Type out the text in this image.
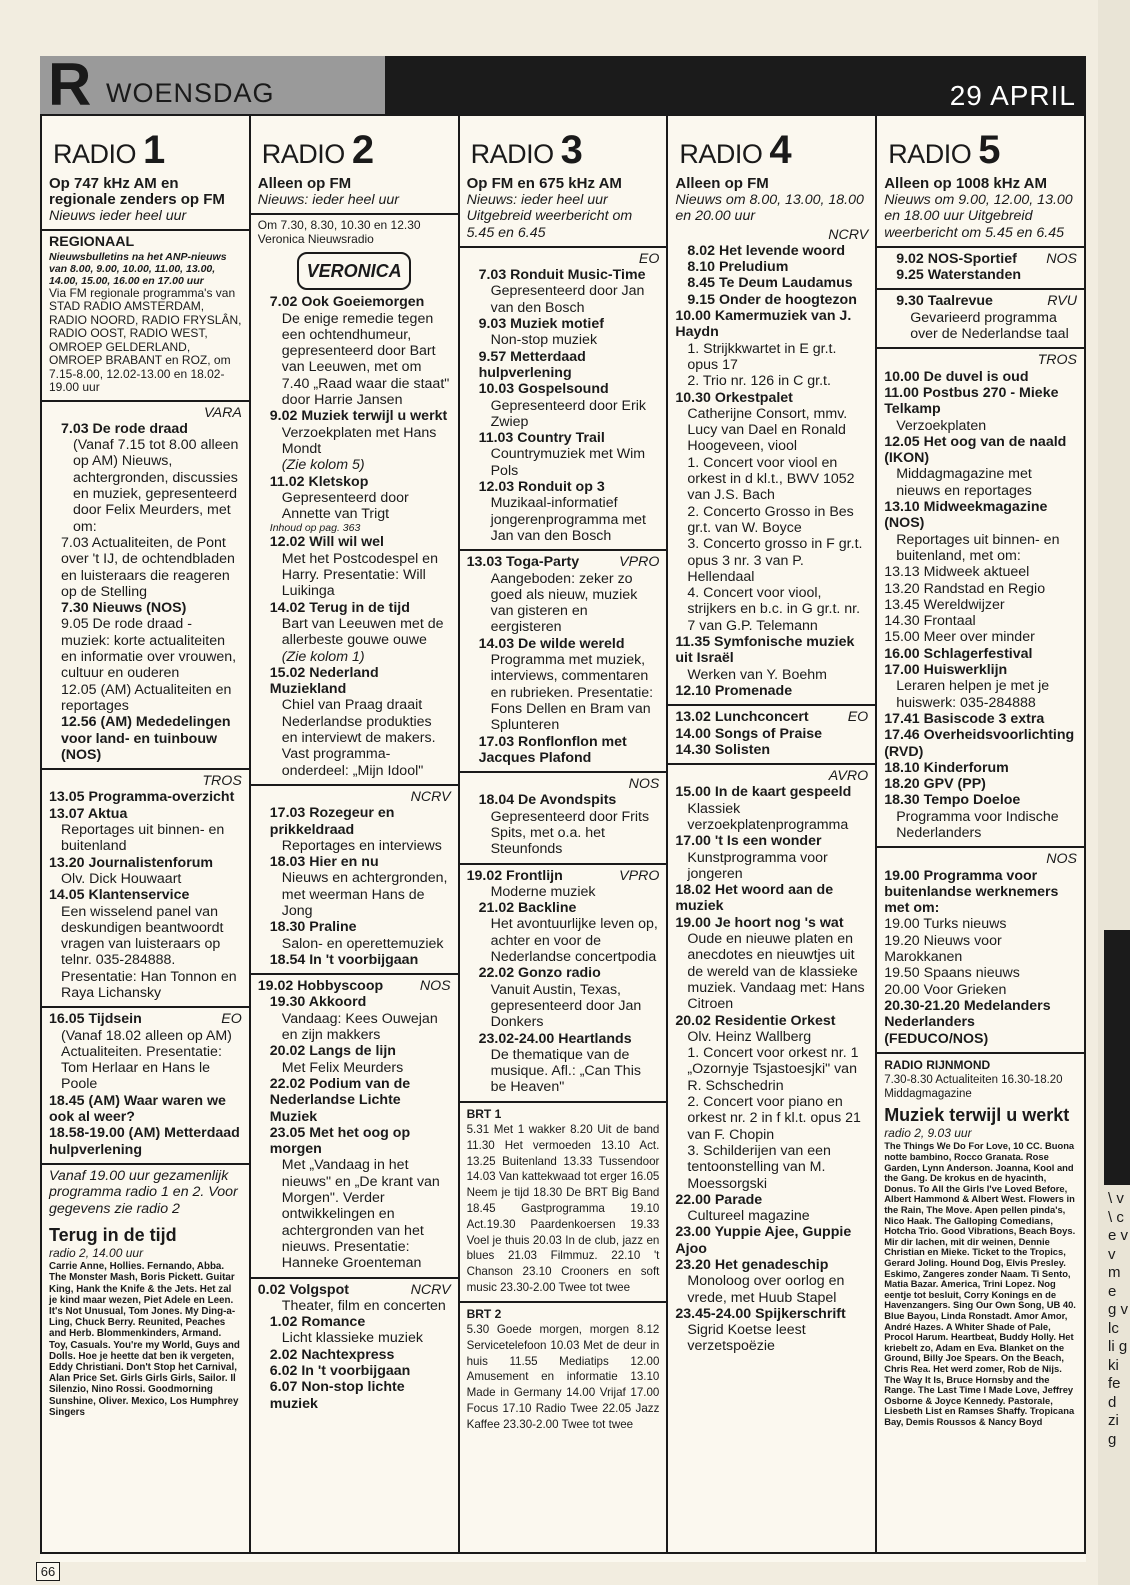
\ v \ c e v v m e g v lc li g ki fe d zi g
R WOENSDAG	29 APRIL
RADIO 1
Op 747 kHz AM en regionale zenders op FM
Nieuws ieder heel uur
REGIONAAL
Nieuwsbulletins na het ANP-nieuws van 8.00, 9.00, 10.00, 11.00, 13.00, 14.00, 15.00, 16.00 en 17.00 uur
Via FM regionale programma's van STAD RADIO AMSTERDAM, RADIO NOORD, RADIO FRYSLÂN, RADIO OOST, RADIO WEST, OMROEP GELDERLAND, OMROEP BRABANT en ROZ, om 7.15-8.00, 12.02-13.00 en 18.02-19.00 uur
VARA
7.03 De rode draad
(Vanaf 7.15 tot 8.00 alleen op AM) Nieuws, achtergronden, discussies en muziek, gepresenteerd door Felix Meurders, met om:
7.03 Actualiteiten, de Pont over 't IJ, de ochtendbladen en luisteraars die reageren op de Stelling
7.30 Nieuws (NOS)
9.05 De rode draad - muziek: korte actualiteiten en informatie over vrouwen, cultuur en ouderen
12.05 (AM) Actualiteiten en reportages
12.56 (AM) Mededelingen voor land- en tuinbouw (NOS)
TROS
13.05 Programma-overzicht
13.07 Aktua
Reportages uit binnen- en buitenland
13.20 Journalistenforum
Olv. Dick Houwaart
14.05 Klantenservice
Een wisselend panel van deskundigen beantwoordt vragen van luisteraars op telnr. 035-284888. Presentatie: Han Tonnon en Raya Lichansky
16.05 Tijdsein	EO
(Vanaf 18.02 alleen op AM) Actualiteiten. Presentatie: Tom Herlaar en Hans le Poole
18.45 (AM) Waar waren we ook al weer?
18.58-19.00 (AM) Metterdaad hulpverlening
Vanaf 19.00 uur gezamenlijk programma radio 1 en 2. Voor gegevens zie radio 2
Terug in de tijd
radio 2, 14.00 uur
Carrie Anne, Hollies. Fernando, Abba. The Monster Mash, Boris Pickett. Guitar King, Hank the Knife & the Jets. Het zal je kind maar wezen, Piet Adele en Leen. It's Not Unusual, Tom Jones. My Ding-a-Ling, Chuck Berry. Reunited, Peaches and Herb. Blommenkinders, Armand. Toy, Casuals. You're my World, Guys and Dolls. Hoe je heette dat ben ik vergeten, Eddy Christiani. Don't Stop het Carnival, Alan Price Set. Girls Girls Girls, Sailor. Il Silenzio, Nino Rossi. Goodmorning Sunshine, Oliver. Mexico, Los Humphrey Singers
RADIO 2
Alleen op FM
Nieuws: ieder heel uur
Om 7.30, 8.30, 10.30 en 12.30 Veronica Nieuwsradio
VERONICA
7.02 Ook Goeiemorgen
De enige remedie tegen een ochtendhumeur, gepresenteerd door Bart van Leeuwen, met om 7.40 „Raad waar die staat" door Harrie Jansen
9.02 Muziek terwijl u werkt
Verzoekplaten met Hans Mondt
(Zie kolom 5)
11.02 Kletskop
Gepresenteerd door Annette van Trigt
Inhoud op pag. 363
12.02 Will wil wel
Met het Postcodespel en Harry. Presentatie: Will Luikinga
14.02 Terug in de tijd
Bart van Leeuwen met de allerbeste gouwe ouwe
(Zie kolom 1)
15.02 Nederland Muziekland
Chiel van Praag draait Nederlandse produkties en interviewt de makers. Vast programma-onderdeel: „Mijn Idool"
NCRV
17.03 Rozegeur en prikkeldraad
Reportages en interviews
18.03 Hier en nu
Nieuws en achtergronden, met weerman Hans de Jong
18.30 Praline
Salon- en operettemuziek
18.54 In 't voorbijgaan
19.02 Hobbyscoop	NOS
19.30 Akkoord
Vandaag: Kees Ouwejan en zijn makkers
20.02 Langs de lijn
Met Felix Meurders
22.02 Podium van de Nederlandse Lichte Muziek
23.05 Met het oog op morgen
Met „Vandaag in het nieuws" en „De krant van Morgen". Verder ontwikkelingen en achtergronden van het nieuws. Presentatie: Hanneke Groenteman
0.02 Volgspot	NCRV
Theater, film en concerten
1.02 Romance
Licht klassieke muziek
2.02 Nachtexpress
6.02 In 't voorbijgaan
6.07 Non-stop lichte muziek
RADIO 3
Op FM en 675 kHz AM
Nieuws: ieder heel uur Uitgebreid weerbericht om 5.45 en 6.45
EO
7.03 Ronduit Music-Time
Gepresenteerd door Jan van den Bosch
9.03 Muziek motief
Non-stop muziek
9.57 Metterdaad hulpverlening
10.03 Gospelsound
Gepresenteerd door Erik Zwiep
11.03 Country Trail
Countrymuziek met Wim Pols
12.03 Ronduit op 3
Muzikaal-informatief jongerenprogramma met Jan van den Bosch
13.03 Toga-Party	VPRO
Aangeboden: zeker zo goed als nieuw, muziek van gisteren en eergisteren
14.03 De wilde wereld
Programma met muziek, interviews, commentaren en rubrieken. Presentatie: Fons Dellen en Bram van Splunteren
17.03 Ronflonflon met Jacques Plafond
NOS
18.04 De Avondspits
Gepresenteerd door Frits Spits, met o.a. het Steunfonds
19.02 Frontlijn	VPRO
Moderne muziek
21.02 Backline
Het avontuurlijke leven op, achter en voor de Nederlandse concertpodia
22.02 Gonzo radio
Vanuit Austin, Texas, gepresenteerd door Jan Donkers
23.02-24.00 Heartlands
De thematique van de musique. Afl.: „Can This be Heaven"
BRT 1
5.31 Met 1 wakker 8.20 Uit de band 11.30 Het vermoeden 13.10 Act. 13.25 Buitenland 13.33 Tussendoor 14.03 Van kattekwaad tot erger 16.05 Neem je tijd 18.30 De BRT Big Band 18.45 Gastprogramma 19.10 Act.19.30 Paardenkoersen 19.33 Voel je thuis 20.03 In de club, jazz en blues 21.03 Filmmuz. 22.10 't Chanson 23.10 Crooners en soft music 23.30-2.00 Twee tot twee
BRT 2
5.30 Goede morgen, morgen 8.12 Servicetelefoon 10.03 Met de deur in huis 11.55 Mediatips 12.00 Amusement en informatie 13.10 Made in Germany 14.00 Vrijaf 17.00 Focus 17.10 Radio Twee 22.05 Jazz Kaffee 23.30-2.00 Twee tot twee
RADIO 4
Alleen op FM
Nieuws om 8.00, 13.00, 18.00 en 20.00 uur
NCRV
8.02 Het levende woord
8.10 Preludium
8.45 Te Deum Laudamus
9.15 Onder de hoogtezon
10.00 Kamermuziek van J. Haydn
1. Strijkkwartet in E gr.t. opus 17
2. Trio nr. 126 in C gr.t.
10.30 Orkestpalet
Catherijne Consort, mmv. Lucy van Dael en Ronald Hoogeveen, viool
1. Concert voor viool en orkest in d kl.t., BWV 1052 van J.S. Bach
2. Concerto Grosso in Bes gr.t. van W. Boyce
3. Concerto grosso in F gr.t. opus 3 nr. 3 van P. Hellendaal
4. Concert voor viool, strijkers en b.c. in G gr.t. nr. 7 van G.P. Telemann
11.35 Symfonische muziek uit Israël
Werken van Y. Boehm
12.10 Promenade
13.02 Lunchconcert	EO
14.00 Songs of Praise
14.30 Solisten
AVRO
15.00 In de kaart gespeeld
Klassiek verzoekplatenprogramma
17.00 't Is een wonder
Kunstprogramma voor jongeren
18.02 Het woord aan de muziek
19.00 Je hoort nog 's wat
Oude en nieuwe platen en anecdotes en nieuwtjes uit de wereld van de klassieke muziek. Vandaag met: Hans Citroen
20.02 Residentie Orkest
Olv. Heinz Wallberg
1. Concert voor orkest nr. 1 „Ozornyje Tsjastoesjki" van R. Schschedrin
2. Concert voor piano en orkest nr. 2 in f kl.t. opus 21 van F. Chopin
3. Schilderijen van een tentoonstelling van M. Moessorgski
22.00 Parade
Cultureel magazine
23.00 Yuppie Ajee, Guppie Ajoo
23.20 Het genadeschip
Monoloog over oorlog en vrede, met Huub Stapel
23.45-24.00 Spijkerschrift
Sigrid Koetse leest verzetspoëzie
RADIO 5
Alleen op 1008 kHz AM
Nieuws om 9.00, 12.00, 13.00 en 18.00 uur Uitgebreid weerbericht om 5.45 en 6.45
9.02 NOS-Sportief NOS
9.25 Waterstanden
9.30 Taalrevue	RVU
Gevarieerd programma over de Nederlandse taal
TROS
10.00 De duvel is oud
11.00 Postbus 270 - Mieke Telkamp
Verzoekplaten
12.05 Het oog van de naald (IKON)
Middagmagazine met nieuws en reportages
13.10 Midweekmagazine (NOS)
Reportages uit binnen- en buitenland, met om:
13.13 Midweek aktueel
13.20 Randstad en Regio
13.45 Wereldwijzer
14.30 Frontaal
15.00 Meer over minder
16.00 Schlagerfestival
17.00 Huiswerklijn
Leraren helpen je met je huiswerk: 035-284888
17.41 Basiscode 3 extra
17.46 Overheidsvoorlichting (RVD)
18.10 Kinderforum
18.20 GPV (PP)
18.30 Tempo Doeloe
Programma voor Indische Nederlanders
NOS
19.00 Programma voor buitenlandse werknemers met om:
19.00 Turks nieuws
19.20 Nieuws voor Marokkanen
19.50 Spaans nieuws
20.00 Voor Grieken
20.30-21.20 Medelanders Nederlanders (FEDUCO/NOS)
RADIO RIJNMOND
7.30-8.30 Actualiteiten 16.30-18.20 Middagmagazine
Muziek terwijl u werkt
radio 2, 9.03 uur
The Things We Do For Love, 10 CC. Buona notte bambino, Rocco Granata. Rose Garden, Lynn Anderson. Joanna, Kool and the Gang. De krokus en de hyacinth, Donus. To All the Girls I've Loved Before, Albert Hammond & Albert West. Flowers in the Rain, The Move. Apen pellen pinda's, Nico Haak. The Galloping Comedians, Hotcha Trio. Good Vibrations, Beach Boys. Mir dir lachen, mit dir weinen, Dennie Christian en Mieke. Ticket to the Tropics, Gerard Joling. Hound Dog, Elvis Presley. Eskimo, Zangeres zonder Naam. Ti Sento, Matia Bazar. America, Trini Lopez. Nog eentje tot besluit, Corry Konings en de Havenzangers. Sing Our Own Song, UB 40. Blue Bayou, Linda Ronstadt. Amor Amor, André Hazes. A Whiter Shade of Pale, Procol Harum. Heartbeat, Buddy Holly. Het kriebelt zo, Adam en Eva. Blanket on the Ground, Billy Joe Spears. On the Beach, Chris Rea. Het werd zomer, Rob de Nijs. The Way It Is, Bruce Hornsby and the Range. The Last Time I Made Love, Jeffrey Osborne & Joyce Kennedy. Pastorale, Liesbeth List en Ramses Shaffy. Tropicana Bay, Demis Roussos & Nancy Boyd
66
